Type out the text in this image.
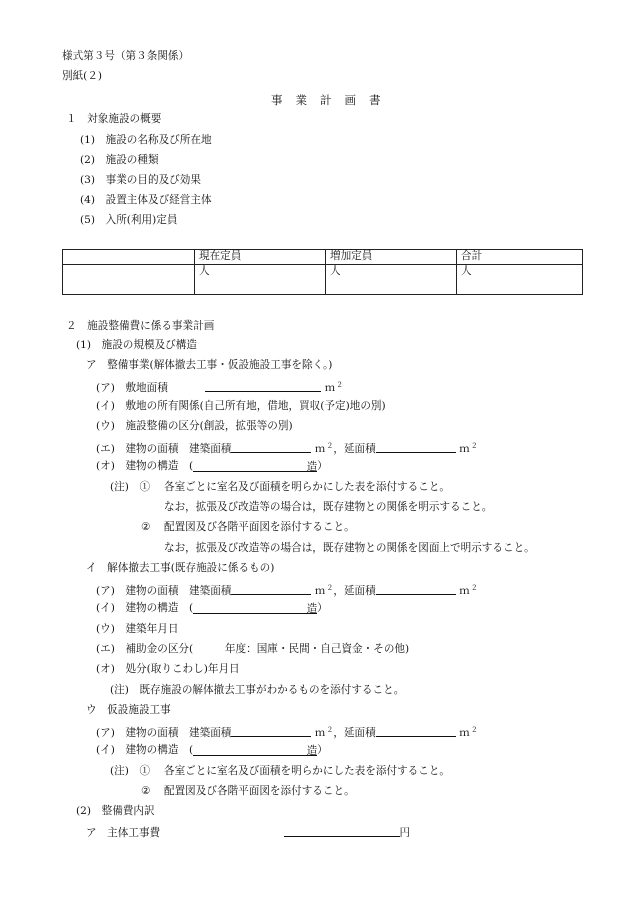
様式第３号（第３条関係）
別紙(２)
事業計画書
１　対象施設の概要
(1)　施設の名称及び所在地
(2)　施設の種類
(3)　事業の目的及び効果
(4)　設置主体及び経営主体
(5)　入所(利用)定員
	現在定員	増加定員	合計
	人	人	人
２　施設整備費に係る事業計画
(1)　施設の規模及び構造
ア　整備事業(解体撤去工事・仮設施設工事を除く。)
(ア)　敷地面積	ｍ$^2$
(イ)　敷地の所有関係(自己所有地，借地，買収(予定)地の別)
(ウ)　施設整備の区分(創設，拡張等の別)
(エ)　建物の面積　建築面積	ｍ$^2$，延面積	ｍ$^2$
(オ)　建物の構造　(	造）
(注)　① 各室ごとに室名及び面積を明らかにした表を添付すること。
なお，拡張及び改造等の場合は，既存建物との関係を明示すること。
② 配置図及び各階平面図を添付すること。
なお，拡張及び改造等の場合は，既存建物との関係を図面上で明示すること。
イ　解体撤去工事(既存施設に係るもの)
(ア)　建物の面積　建築面積	ｍ$^2$，延面積	ｍ$^2$
(イ)　建物の構造　(	造）
(ウ)　建築年月日
(エ)　補助金の区分(　　　年度：国庫・民間・自己資金・その他)
(オ)　処分(取りこわし)年月日
(注)　既存施設の解体撤去工事がわかるものを添付すること。
ウ　仮設施設工事
(ア)　建物の面積　建築面積	ｍ$^2$，延面積	ｍ$^2$
(イ)　建物の構造　(	造）
(注)　① 各室ごとに室名及び面積を明らかにした表を添付すること。
② 配置図及び各階平面図を添付すること。
(2)　整備費内訳
ア　主体工事費	円
